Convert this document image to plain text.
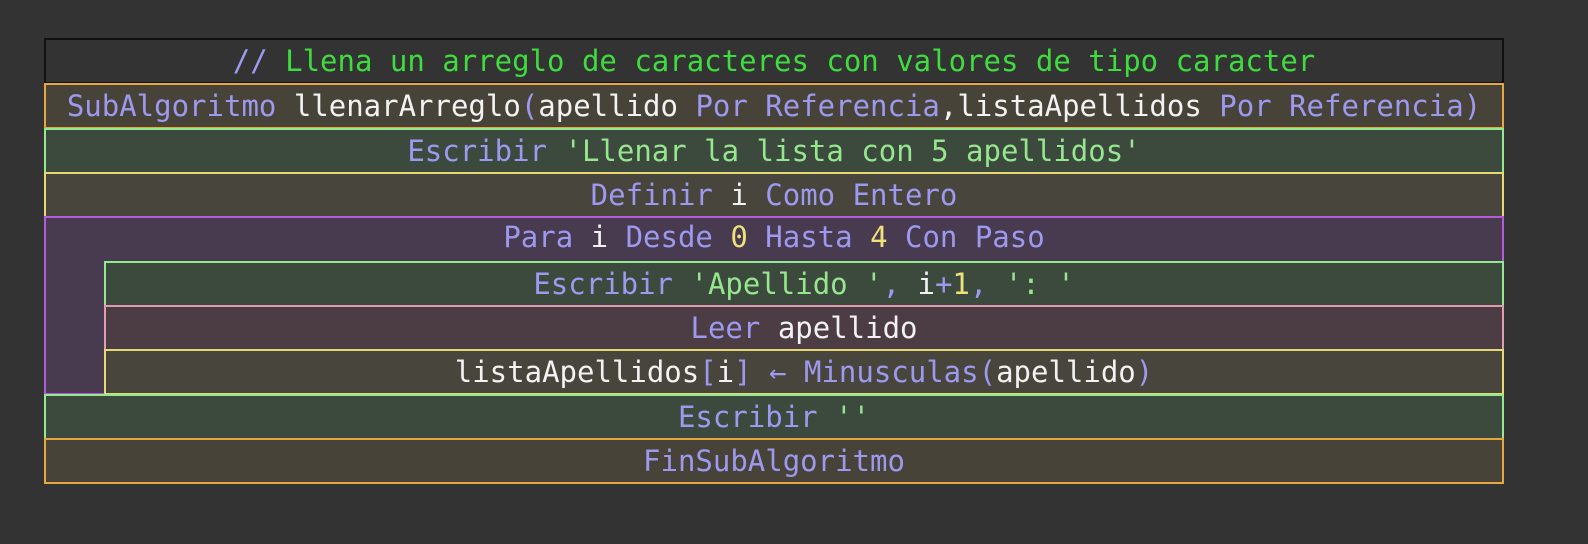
// Llena un arreglo de caracteres con valores de tipo caracter
SubAlgoritmo llenarArreglo(apellido Por Referencia,listaApellidos Por Referencia)
Escribir 'Llenar la lista con 5 apellidos'
Definir i Como Entero
Para i Desde 0 Hasta 4 Con Paso
Escribir 'Apellido ', i+1, ': '
Leer apellido
listaApellidos[i] ← Minusculas(apellido)
Escribir ''
FinSubAlgoritmo
